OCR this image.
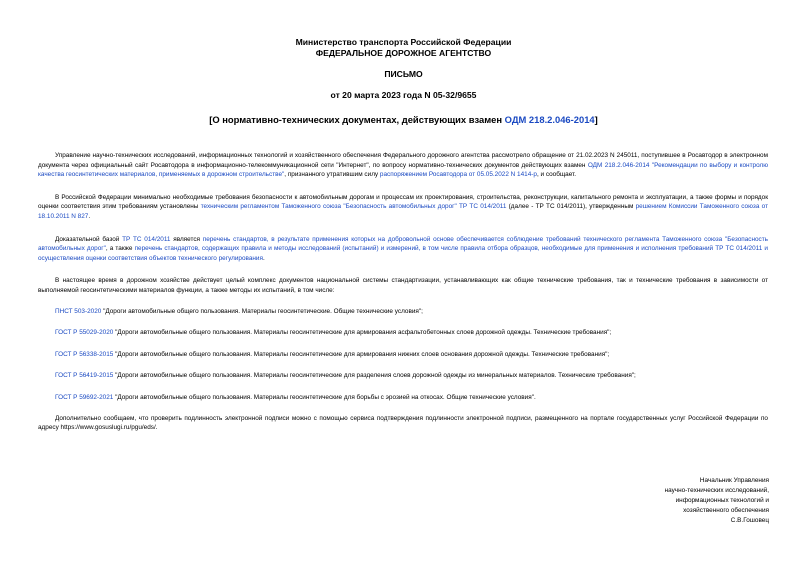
Министерство транспорта Российской Федерации
ФЕДЕРАЛЬНОЕ ДОРОЖНОЕ АГЕНТСТВО
ПИСЬМО
от 20 марта 2023 года N 05-32/9655
[О нормативно-технических документах, действующих взамен ОДМ 218.2.046-2014]

Управление научно-технических исследований, информационных технологий и хозяйственного обеспечения Федерального дорожного агентства рассмотрело обращение от 21.02.2023 N 245011, поступившее в Росавтодор в электронном документа через официальный сайт Росавтодора в информационно-телекоммуникационной сети "Интернет", по вопросу нормативно-технических документов действующих взамен ОДМ 218.2.046-2014 "Рекомендации по выбору и контролю качества геосинтетических материалов, применяемых в дорожном строительстве", признанного утратившим силу распоряжением Росавтодора от 05.05.2022 N 1414-р, и сообщает.

В Российской Федерации минимально необходимые требования безопасности к автомобильным дорогам и процессам их проектирования, строительства, реконструкции, капитального ремонта и эксплуатации, а также формы и порядок оценки соответствия этим требованиям установлены техническим регламентом Таможенного союза "Безопасность автомобильных дорог" ТР ТС 014/2011 (далее - ТР ТС 014/2011), утвержденным решением Комиссии Таможенного союза от 18.10.2011 N 827.

Доказательной базой ТР ТС 014/2011 является перечень стандартов, в результате применения которых на добровольной основе обеспечивается соблюдение требований технического регламента Таможенного союза "Безопасность автомобильных дорог", а также перечень стандартов, содержащих правила и методы исследований (испытаний) и измерений, в том числе правила отбора образцов, необходимые для применения и исполнения требований ТР ТС 014/2011 и осуществления оценки соответствия объектов технического регулирования.

В настоящее время в дорожном хозяйстве действует целый комплекс документов национальной системы стандартизации, устанавливающих как общие технические требования, так и технические требования в зависимости от выполняемой геосинтетическими материалов функции, а также методы их испытаний, в том числе:

ПНСТ 503-2020 "Дороги автомобильные общего пользования. Материалы геосинтетические. Общие технические условия";

ГОСТ Р 55029-2020 "Дороги автомобильные общего пользования. Материалы геосинтетические для армирования асфальтобетонных слоев дорожной одежды. Технические требования";

ГОСТ Р 56338-2015 "Дороги автомобильные общего пользования. Материалы геосинтетические для армирования нижних слоев основания дорожной одежды. Технические требования";

ГОСТ Р 56419-2015 "Дороги автомобильные общего пользования. Материалы геосинтетические для разделения слоев дорожной одежды из минеральных материалов. Технические требования";

ГОСТ Р 59692-2021 "Дороги автомобильные общего пользования. Материалы геосинтетические для борьбы с эрозией на откосах. Общие технические условия".

Дополнительно сообщаем, что проверить подлинность электронной подписи можно с помощью сервиса подтверждения подлинности электронной подписи, размещенного на портале государственных услуг Российской Федерации по адресу https://www.gosuslugi.ru/pgu/eds/.

Начальник Управления
научно-технических исследований,
информационных технологий и
хозяйственного обеспечения
С.В.Гошовец
